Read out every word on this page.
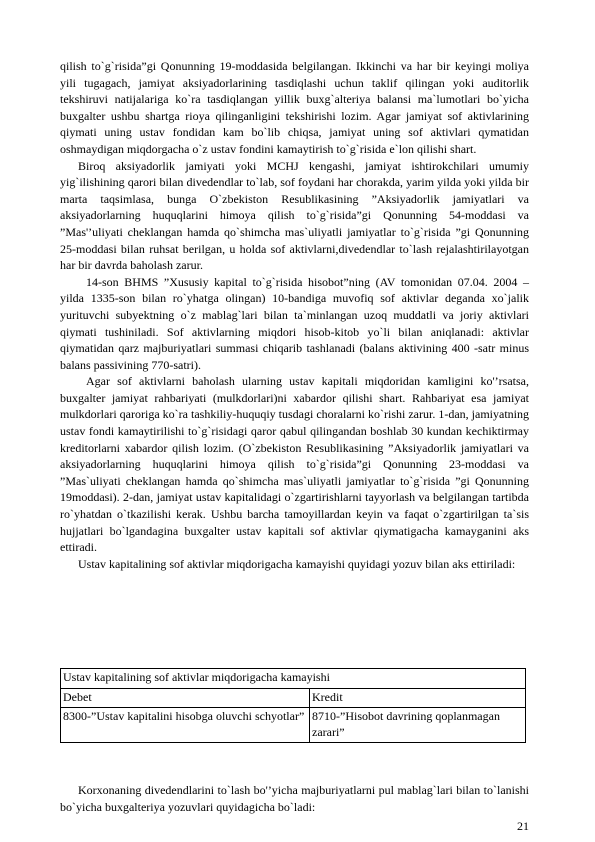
qilish to`g`risida”gi Qonunning 19-moddasida belgilangan. Ikkinchi va har bir keyingi moliya yili tugagach, jamiyat aksiyadorlarining tasdiqlashi uchun taklif qilingan yoki auditorlik tekshiruvi natijalariga ko`ra tasdiqlangan yillik buxg`alteriya balansi ma`lumotlari bo`yicha buxgalter ushbu shartga rioya qilinganligini tekshirishi lozim. Agar jamiyat sof aktivlarining qiymati uning ustav fondidan kam bo`lib chiqsa, jamiyat uning sof aktivlari qymatidan oshmaydigan miqdorgacha o`z ustav fondini kamaytirish to`g`risida e`lon qilishi shart.

Biroq aksiyadorlik jamiyati yoki MCHJ kengashi, jamiyat ishtirokchilari umumiy yig`ilishining qarori bilan divedendlar to`lab, sof foydani har chorakda, yarim yilda yoki yilda bir marta taqsimlasa, bunga O`zbekiston Resublikasining ”Aksiyadorlik jamiyatlari va aksiyadorlarning huquqlarini himoya qilish to`g`risida”gi Qonunning 54-moddasi va ”Mas'’uliyati cheklangan hamda qo`shimcha mas`uliyatli jamiyatlar to`g`risida ”gi Qonunning 25-moddasi bilan ruhsat berilgan, u holda sof aktivlarni,divedendlar to`lash rejalashtirilayotgan har bir davrda baholash zarur.

14-son BHMS ”Xususiy kapital to`g`risida hisobot”ning (AV tomonidan 07.04. 2004 – yilda 1335-son bilan ro`yhatga olingan) 10-bandiga muvofiq sof aktivlar deganda xo`jalik yurituvchi subyektning o`z mablag`lari bilan ta`minlangan uzoq muddatli va joriy aktivlari qiymati tushiniladi. Sof aktivlarning miqdori hisob-kitob yo`li bilan aniqlanadi: aktivlar qiymatidan qarz majburiyatlari summasi chiqarib tashlanadi (balans aktivining 400 -satr minus balans passivining 770-satri).

Agar sof aktivlarni baholash ularning ustav kapitali miqdoridan kamligini ko'’rsatsa, buxgalter jamiyat rahbariyati (mulkdorlari)ni xabardor qilishi shart. Rahbariyat esa jamiyat mulkdorlari qaroriga ko`ra tashkiliy-huquqiy tusdagi choralarni ko`rishi zarur. 1-dan, jamiyatning ustav fondi kamaytirilishi to`g`risidagi qaror qabul qilingandan boshlab 30 kundan kechiktirmay kreditorlarni xabardor qilish lozim. (O`zbekiston Resublikasining ”Aksiyadorlik jamiyatlari va aksiyadorlarning huquqlarini himoya qilish to`g`risida”gi Qonunning 23-moddasi va ”Mas`uliyati cheklangan hamda qo`shimcha mas`uliyatli jamiyatlar to`g`risida ”gi Qonunning 19moddasi). 2-dan, jamiyat ustav kapitalidagi o`zgartirishlarni tayyorlash va belgilangan tartibda ro`yhatdan o`tkazilishi kerak. Ushbu barcha tamoyillardan keyin va faqat o`zgartirilgan ta`sis hujjatlari bo`lgandagina buxgalter ustav kapitali sof aktivlar qiymatigacha kamayganini aks ettiradi.

Ustav kapitalining sof aktivlar miqdorigacha kamayishi quyidagi yozuv bilan aks ettiriladi:

Ustav kapitalining sof aktivlar miqdorigacha kamayishi	
Debet	Kredit
8300-”Ustav kapitalini hisobga oluvchi schyotlar”	8710-”Hisobot davrining qoplanmagan zarari”

Korxonaning divedendlarini to`lash bo'’yicha majburiyatlarni pul mablag`lari bilan to`lanishi bo`yicha buxgalteriya yozuvlari quyidagicha bo`ladi:

21
